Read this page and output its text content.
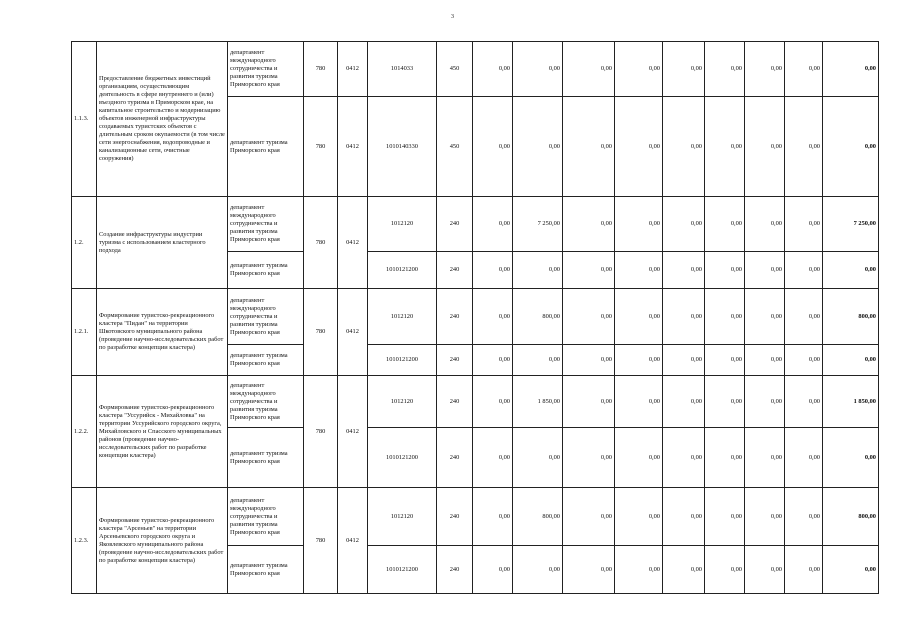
3
1.1.3.	Предоставление бюджетных инвестиций организациям, осуществляющим деятельность в сфере внутреннего и (или) въездного туризма в Приморском крае, на капитальное строительство и модернизацию объектов инженерной инфраструктуры создаваемых туристских объектов с длительным сроком окупаемости (в том числе сети энергоснабжения, водопроводные и канализационные сети, очистные сооружения)	департамент международного сотрудничества и развития туризма Приморского края	780	0412	1014033	450	0,00	0,00	0,00	0,00	0,00	0,00	0,00	0,00	0,00
		департамент туризма Приморского края	780	0412	1010140330	450	0,00	0,00	0,00	0,00	0,00	0,00	0,00	0,00	0,00
1.2.	Создание инфраструктуры индустрии туризма с использованием кластерного подхода	департамент международного сотрудничества и развития туризма Приморского края	780	0412	1012120	240	0,00	7 250,00	0,00	0,00	0,00	0,00	0,00	0,00	7 250,00
		департамент туризма Приморского края			1010121200	240	0,00	0,00	0,00	0,00	0,00	0,00	0,00	0,00	0,00
1.2.1.	Формирование туристско-рекреационного кластера "Пидан" на территории Шкотовского муниципального района (проведение научно-исследовательских работ по разработке концепции кластера)	департамент международного сотрудничества и развития туризма Приморского края	780	0412	1012120	240	0,00	800,00	0,00	0,00	0,00	0,00	0,00	0,00	800,00
		департамент туризма Приморского края			1010121200	240	0,00	0,00	0,00	0,00	0,00	0,00	0,00	0,00	0,00
1.2.2.	Формирование туристско-рекреационного кластера "Уссурийск - Михайловка" на территории Уссурийского городского округа, Михайловского и Спасского муниципальных районов (проведение научно-исследовательских работ по разработке концепции кластера)	департамент международного сотрудничества и развития туризма Приморского края	780	0412	1012120	240	0,00	1 850,00	0,00	0,00	0,00	0,00	0,00	0,00	1 850,00
		департамент туризма Приморского края			1010121200	240	0,00	0,00	0,00	0,00	0,00	0,00	0,00	0,00	0,00
1.2.3.	Формирование туристско-рекреационного кластера "Арсеньев" на территории Арсеньевского городского округа и Яковлевского муниципального района (проведение научно-исследовательских работ по разработке концепции кластера)	департамент международного сотрудничества и развития туризма Приморского края	780	0412	1012120	240	0,00	800,00	0,00	0,00	0,00	0,00	0,00	0,00	800,00
		департамент туризма Приморского края			1010121200	240	0,00	0,00	0,00	0,00	0,00	0,00	0,00	0,00	0,00
